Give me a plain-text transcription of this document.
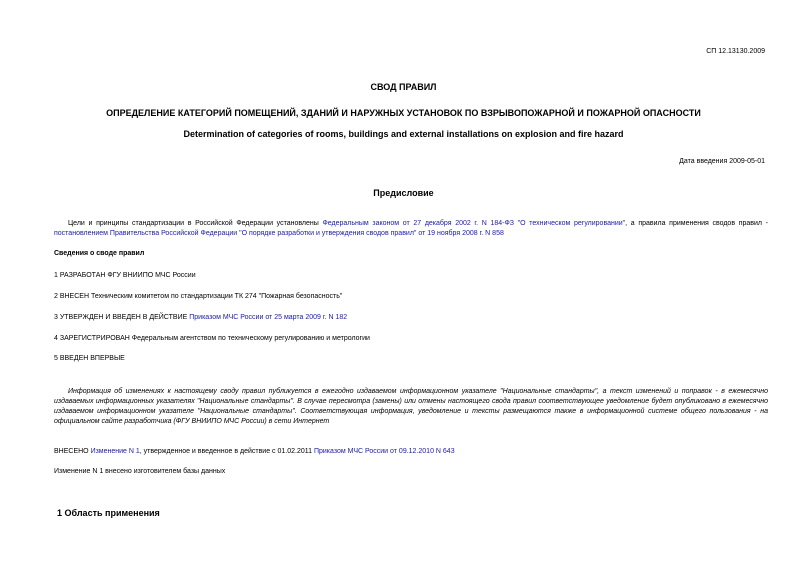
СП 12.13130.2009
СВОД ПРАВИЛ
ОПРЕДЕЛЕНИЕ КАТЕГОРИЙ ПОМЕЩЕНИЙ, ЗДАНИЙ И НАРУЖНЫХ УСТАНОВОК ПО ВЗРЫВОПОЖАРНОЙ И ПОЖАРНОЙ ОПАСНОСТИ
Determination of categories of rooms, buildings and external installations on explosion and fire hazard
Дата введения 2009-05-01
Предисловие
Цели и принципы стандартизации в Российской Федерации установлены Федеральным законом от 27 декабря 2002 г. N 184-ФЗ "О техническом регулировании", а правила применения сводов правил - постановлением Правительства Российской Федерации "О порядке разработки и утверждения сводов правил" от 19 ноября 2008 г. N 858
Сведения о своде правил
1 РАЗРАБОТАН ФГУ ВНИИПО МЧС России
2 ВНЕСЕН Техническим комитетом по стандартизации ТК 274 "Пожарная безопасность"
3 УТВЕРЖДЕН И ВВЕДЕН В ДЕЙСТВИЕ Приказом МЧС России от 25 марта 2009 г. N 182
4 ЗАРЕГИСТРИРОВАН Федеральным агентством по техническому регулированию и метрологии
5 ВВЕДЕН ВПЕРВЫЕ
Информация об изменениях к настоящему своду правил публикуется в ежегодно издаваемом информационном указателе "Национальные стандарты", а текст изменений и поправок - в ежемесячно издаваемых информационных указателях "Национальные стандарты". В случае пересмотра (замены) или отмены настоящего свода правил соответствующее уведомление будет опубликовано в ежемесячно издаваемом информационном указателе "Национальные стандарты". Соответствующая информация, уведомление и тексты размещаются также в информационной системе общего пользования - на официальном сайте разработчика (ФГУ ВНИИПО МЧС России) в сети Интернет
ВНЕСЕНО Изменение N 1, утвержденное и введенное в действие с 01.02.2011 Приказом МЧС России от 09.12.2010 N 643
Изменение N 1 внесено изготовителем базы данных
1 Область применения
